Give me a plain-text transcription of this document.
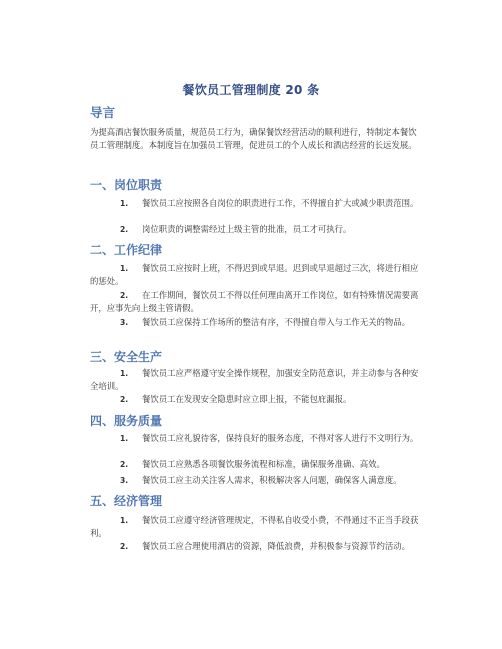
餐饮员工管理制度 20 条
导言
为提高酒店餐饮服务质量，规范员工行为，确保餐饮经营活动的顺利进行，特制定本餐饮员工管理制度。本制度旨在加强员工管理，促进员工的个人成长和酒店经营的长远发展。
一、岗位职责
1. 餐饮员工应按照各自岗位的职责进行工作，不得擅自扩大或减少职责范围。
2. 岗位职责的调整需经过上级主管的批准，员工才可执行。
二、工作纪律
1. 餐饮员工应按时上班，不得迟到或早退。迟到或早退超过三次，将进行相应的惩处。
2. 在工作期间，餐饮员工不得以任何理由离开工作岗位，如有特殊情况需要离开，应事先向上级主管请假。
3. 餐饮员工应保持工作场所的整洁有序，不得擅自带入与工作无关的物品。
三、安全生产
1. 餐饮员工应严格遵守安全操作规程，加强安全防范意识，并主动参与各种安全培训。
2. 餐饮员工在发现安全隐患时应立即上报，不能包庇漏报。
四、服务质量
1. 餐饮员工应礼貌待客，保持良好的服务态度，不得对客人进行不文明行为。
2. 餐饮员工应熟悉各项餐饮服务流程和标准，确保服务准确、高效。
3. 餐饮员工应主动关注客人需求，积极解决客人问题，确保客人满意度。
五、经济管理
1. 餐饮员工应遵守经济管理规定，不得私自收受小费，不得通过不正当手段获利。
2. 餐饮员工应合理使用酒店的资源，降低浪费，并积极参与资源节约活动。
